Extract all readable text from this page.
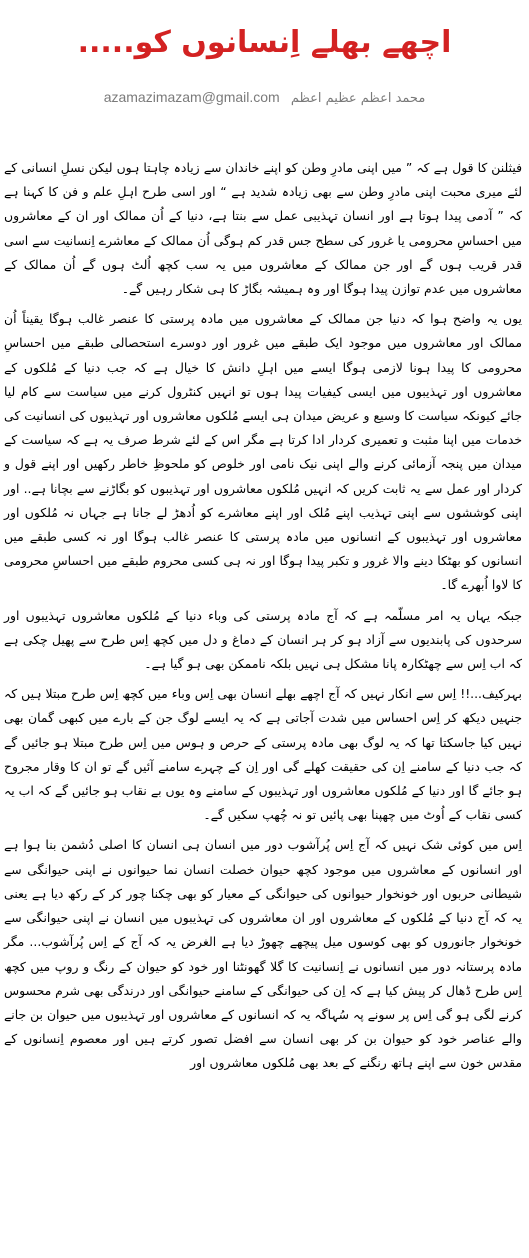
اچھے بھلے اِنسانوں کو.....
azamazimazam@gmail.com محمد اعظم عظیم اعظم

فیثلنن کا قول ہے کہ ” میں اپنی مادرِ وطن کو اپنے خاندان سے زیادہ چاہتا ہوں لیکن نسلِ انسانی کے لئے میری محبت اپنی مادرِ وطن سے بھی زیادہ شدید ہے “ اور اسی طرح اہلِ علم و فن کا کہنا ہے کہ ” آدمی پیدا ہوتا ہے اور انسان تہذیبی عمل سے بنتا ہے، دنیا کے اُن ممالک اور ان کے معاشروں میں احساسِ محرومی یا غرور کی سطح جس قدر کم ہوگی اُن ممالک کے معاشرے اِنسانیت سے اسی قدر قریب ہوں گے اور جن ممالک کے معاشروں میں یہ سب کچھ اُلٹ ہوں گے اُن ممالک کے معاشروں میں عدم توازن پیدا ہوگا اور وہ ہمیشہ بگاڑ کا ہی شکار رہیں گے۔

یوں یہ واضح ہوا کہ دنیا جن ممالک کے معاشروں میں مادہ پرستی کا عنصر غالب ہوگا یقیناً اُن ممالک اور معاشروں میں موجود ایک طبقے میں غرور اور دوسرے استحصالی طبقے میں احساسِ محرومی کا پیدا ہونا لازمی ہوگا ایسے میں اہلِ دانش کا خیال ہے کہ جب دنیا کے مُلکوں کے معاشروں اور تہذیبوں میں ایسی کیفیات پیدا ہوں تو انہیں کنٹرول کرنے میں سیاست سے کام لیا جائے کیونکہ سیاست کا وسیع و عریض میدان ہی ایسے مُلکوں معاشروں اور تہذیبوں کی انسانیت کی خدمات میں اپنا مثبت و تعمیری کردار ادا کرتا ہے مگر اس کے لئے شرط صرف یہ ہے کہ سیاست کے میدان میں پنجہ آزمائی کرنے والے اپنی نیک نامی اور خلوص کو ملحوظِ خاطر رکھیں اور اپنے قول و کردار اور عمل سے یہ ثابت کریں کہ انہیں مُلکوں معاشروں اور تہذیبوں کو بگاڑنے سے بچانا ہے.. اور اپنی کوششوں سے اپنی تہذیب اپنے مُلک اور اپنے معاشرے کو اُدھڑ لے جانا ہے جہاں نہ مُلکوں اور معاشروں اور تہذیبوں کے انسانوں میں مادہ پرستی کا عنصر غالب ہوگا اور نہ کسی طبقے میں انسانوں کو بھٹکا دینے والا غرور و تکبر پیدا ہوگا اور نہ ہی کسی محروم طبقے میں احساسِ محرومی کا لاوا اُبھرے گا۔

جبکہ یہاں یہ امر مسلّمہ ہے کہ آج مادہ پرستی کی وباء دنیا کے مُلکوں معاشروں تہذیبوں اور سرحدوں کی پابندیوں سے آزاد ہو کر ہر انسان کے دماغ و دل میں کچھ اِس طرح سے پھیل چکی ہے کہ اب اِس سے چھٹکارہ پانا مشکل ہی نہیں بلکہ ناممکن بھی ہو گیا ہے۔

بہرکیف...!! اِس سے انکار نہیں کہ آج اچھے بھلے انسان بھی اِس وباء میں کچھ اِس طرح مبتلا ہیں کہ جنہیں دیکھ کر اِس احساس میں شدت آجاتی ہے کہ یہ ایسے لوگ جن کے بارے میں کبھی گمان بھی نہیں کیا جاسکتا تھا کہ یہ لوگ بھی مادہ پرستی کے حرص و ہوس میں اِس طرح مبتلا ہو جائیں گے کہ جب دنیا کے سامنے اِن کی حقیقت کھلے گی اور اِن کے چہرے سامنے آئیں گے تو ان کا وقار مجروح ہو جائے گا اور دنیا کے مُلکوں معاشروں اور تہذیبوں کے سامنے وہ یوں بے نقاب ہو جائیں گے کہ اب یہ کسی نقاب کے اُوٹ میں چھپنا بھی پائیں تو نہ چُھپ سکیں گے۔

اِس میں کوئی شک نہیں کہ آج اِس پُرآشوب دور میں انسان ہی انسان کا اصلی دُشمن بنا ہوا ہے اور انسانوں کے معاشروں میں موجود کچھ حیوان خصلت انسان نما حیوانوں نے اپنی حیوانگی سے شیطانی حربوں اور خونخوار حیوانوں کی حیوانگی کے معیار کو بھی چکنا چور کر کے رکھ دیا ہے یعنی یہ کہ آج دنیا کے مُلکوں کے معاشروں اور ان معاشروں کی تہذیبوں میں انسان نے اپنی حیوانگی سے خونخوار جانوروں کو بھی کوسوں میل پیچھے چھوڑ دیا ہے الغرض یہ کہ آج کے اِس پُرآشوب... مگر مادہ پرستانہ دور میں انسانوں نے اِنسانیت کا گلا گھونٹنا اور خود کو حیوان کے رنگ و روپ میں کچھ اِس طرح ڈھال کر پیش کیا ہے کہ اِن کی حیوانگی کے سامنے حیوانگی اور درندگی بھی شرم محسوس کرنے لگی ہو گی اِس پر سونے پہ سُہاگہ یہ کہ انسانوں کے معاشروں اور تہذیبوں میں حیوان بن جانے والے عناصر خود کو حیوان بن کر بھی انسان سے افضل تصور کرتے ہیں اور معصوم اِنسانوں کے مقدس خون سے اپنے ہاتھ رنگنے کے بعد بھی مُلکوں معاشروں اور
